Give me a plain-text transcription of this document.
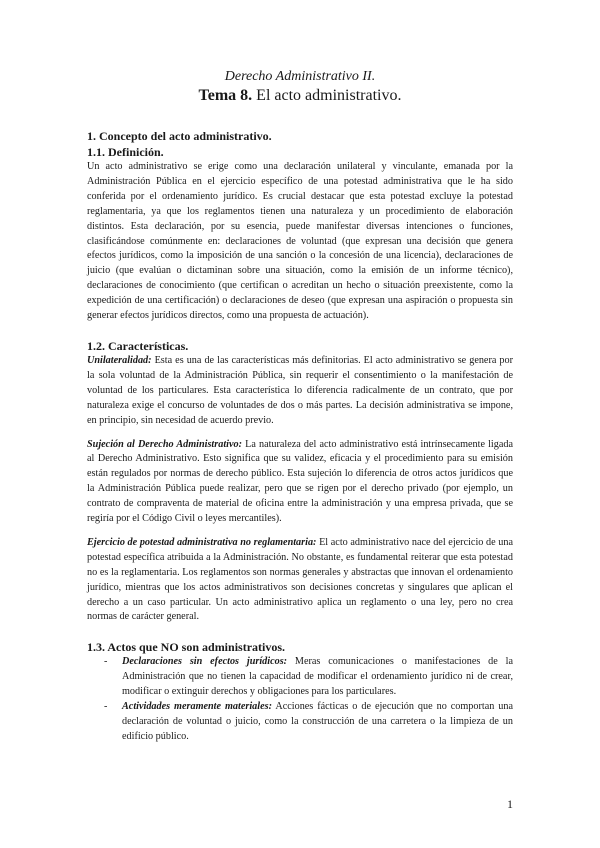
Derecho Administrativo II.

Tema 8. El acto administrativo.

1. Concepto del acto administrativo.
1.1. Definición.

Un acto administrativo se erige como una declaración unilateral y vinculante, emanada por la Administración Pública en el ejercicio específico de una potestad administrativa que le ha sido conferida por el ordenamiento jurídico. Es crucial destacar que esta potestad excluye la potestad reglamentaria, ya que los reglamentos tienen una naturaleza y un procedimiento de elaboración distintos. Esta declaración, por su esencia, puede manifestar diversas intenciones o funciones, clasificándose comúnmente en: declaraciones de voluntad (que expresan una decisión que genera efectos jurídicos, como la imposición de una sanción o la concesión de una licencia), declaraciones de juicio (que evalúan o dictaminan sobre una situación, como la emisión de un informe técnico), declaraciones de conocimiento (que certifican o acreditan un hecho o situación preexistente, como la expedición de una certificación) o declaraciones de deseo (que expresan una aspiración o propuesta sin generar efectos jurídicos directos, como una propuesta de actuación).

1.2. Características.

Unilateralidad: Esta es una de las características más definitorias. El acto administrativo se genera por la sola voluntad de la Administración Pública, sin requerir el consentimiento o la manifestación de voluntad de los particulares. Esta característica lo diferencia radicalmente de un contrato, que por naturaleza exige el concurso de voluntades de dos o más partes. La decisión administrativa se impone, en principio, sin necesidad de acuerdo previo.

Sujeción al Derecho Administrativo: La naturaleza del acto administrativo está intrínsecamente ligada al Derecho Administrativo. Esto significa que su validez, eficacia y el procedimiento para su emisión están regulados por normas de derecho público. Esta sujeción lo diferencia de otros actos jurídicos que la Administración Pública puede realizar, pero que se rigen por el derecho privado (por ejemplo, un contrato de compraventa de material de oficina entre la administración y una empresa privada, que se regiría por el Código Civil o leyes mercantiles).

Ejercicio de potestad administrativa no reglamentaria: El acto administrativo nace del ejercicio de una potestad específica atribuida a la Administración. No obstante, es fundamental reiterar que esta potestad no es la reglamentaria. Los reglamentos son normas generales y abstractas que innovan el ordenamiento jurídico, mientras que los actos administrativos son decisiones concretas y singulares que aplican el derecho a un caso particular. Un acto administrativo aplica un reglamento o una ley, pero no crea normas de carácter general.

1.3. Actos que NO son administrativos.
- Declaraciones sin efectos jurídicos: Meras comunicaciones o manifestaciones de la Administración que no tienen la capacidad de modificar el ordenamiento jurídico ni de crear, modificar o extinguir derechos y obligaciones para los particulares.
- Actividades meramente materiales: Acciones fácticas o de ejecución que no comportan una declaración de voluntad o juicio, como la construcción de una carretera o la limpieza de un edificio público.
1
